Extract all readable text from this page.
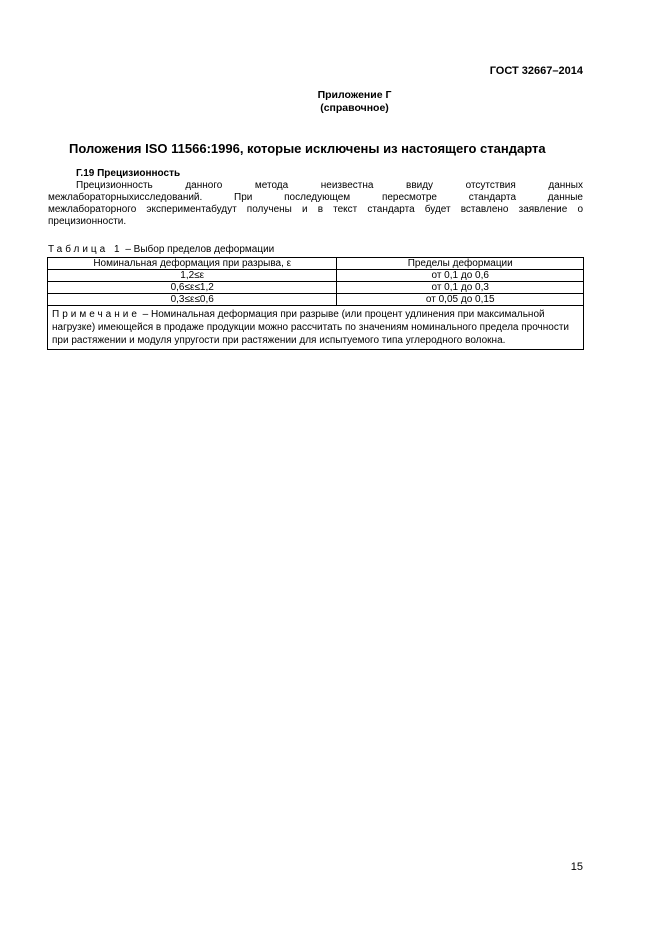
ГОСТ 32667–2014
Приложение Г
(справочное)
Положения ISO 11566:1996, которые исключены из настоящего стандарта
Г.19 Прецизионность
Прецизионность	данного	метода	неизвестна	ввиду	отсутствия	данных
межлабораторныхисследований.	При	последующем	пересмотре	стандарта	данные
межлабораторного экспериментабудут получены и в текст стандарта будет вставлено заявление о
прецизионности.
Таблица 1 – Выбор пределов деформации
Номинальная деформация при разрыва, ε	Пределы деформации
1,2≤ε	от 0,1 до 0,6
0,6≤ε≤1,2	от 0,1 до 0,3
0,3≤ε≤0,6	от 0,05 до 0,15
Примечание – Номинальная деформация при разрыве (или процент удлинения при максимальной нагрузке) имеющейся в продаже продукции можно рассчитать по значениям номинального предела прочности при растяжении и модуля упругости при растяжении для испытуемого типа углеродного волокна.	
15
